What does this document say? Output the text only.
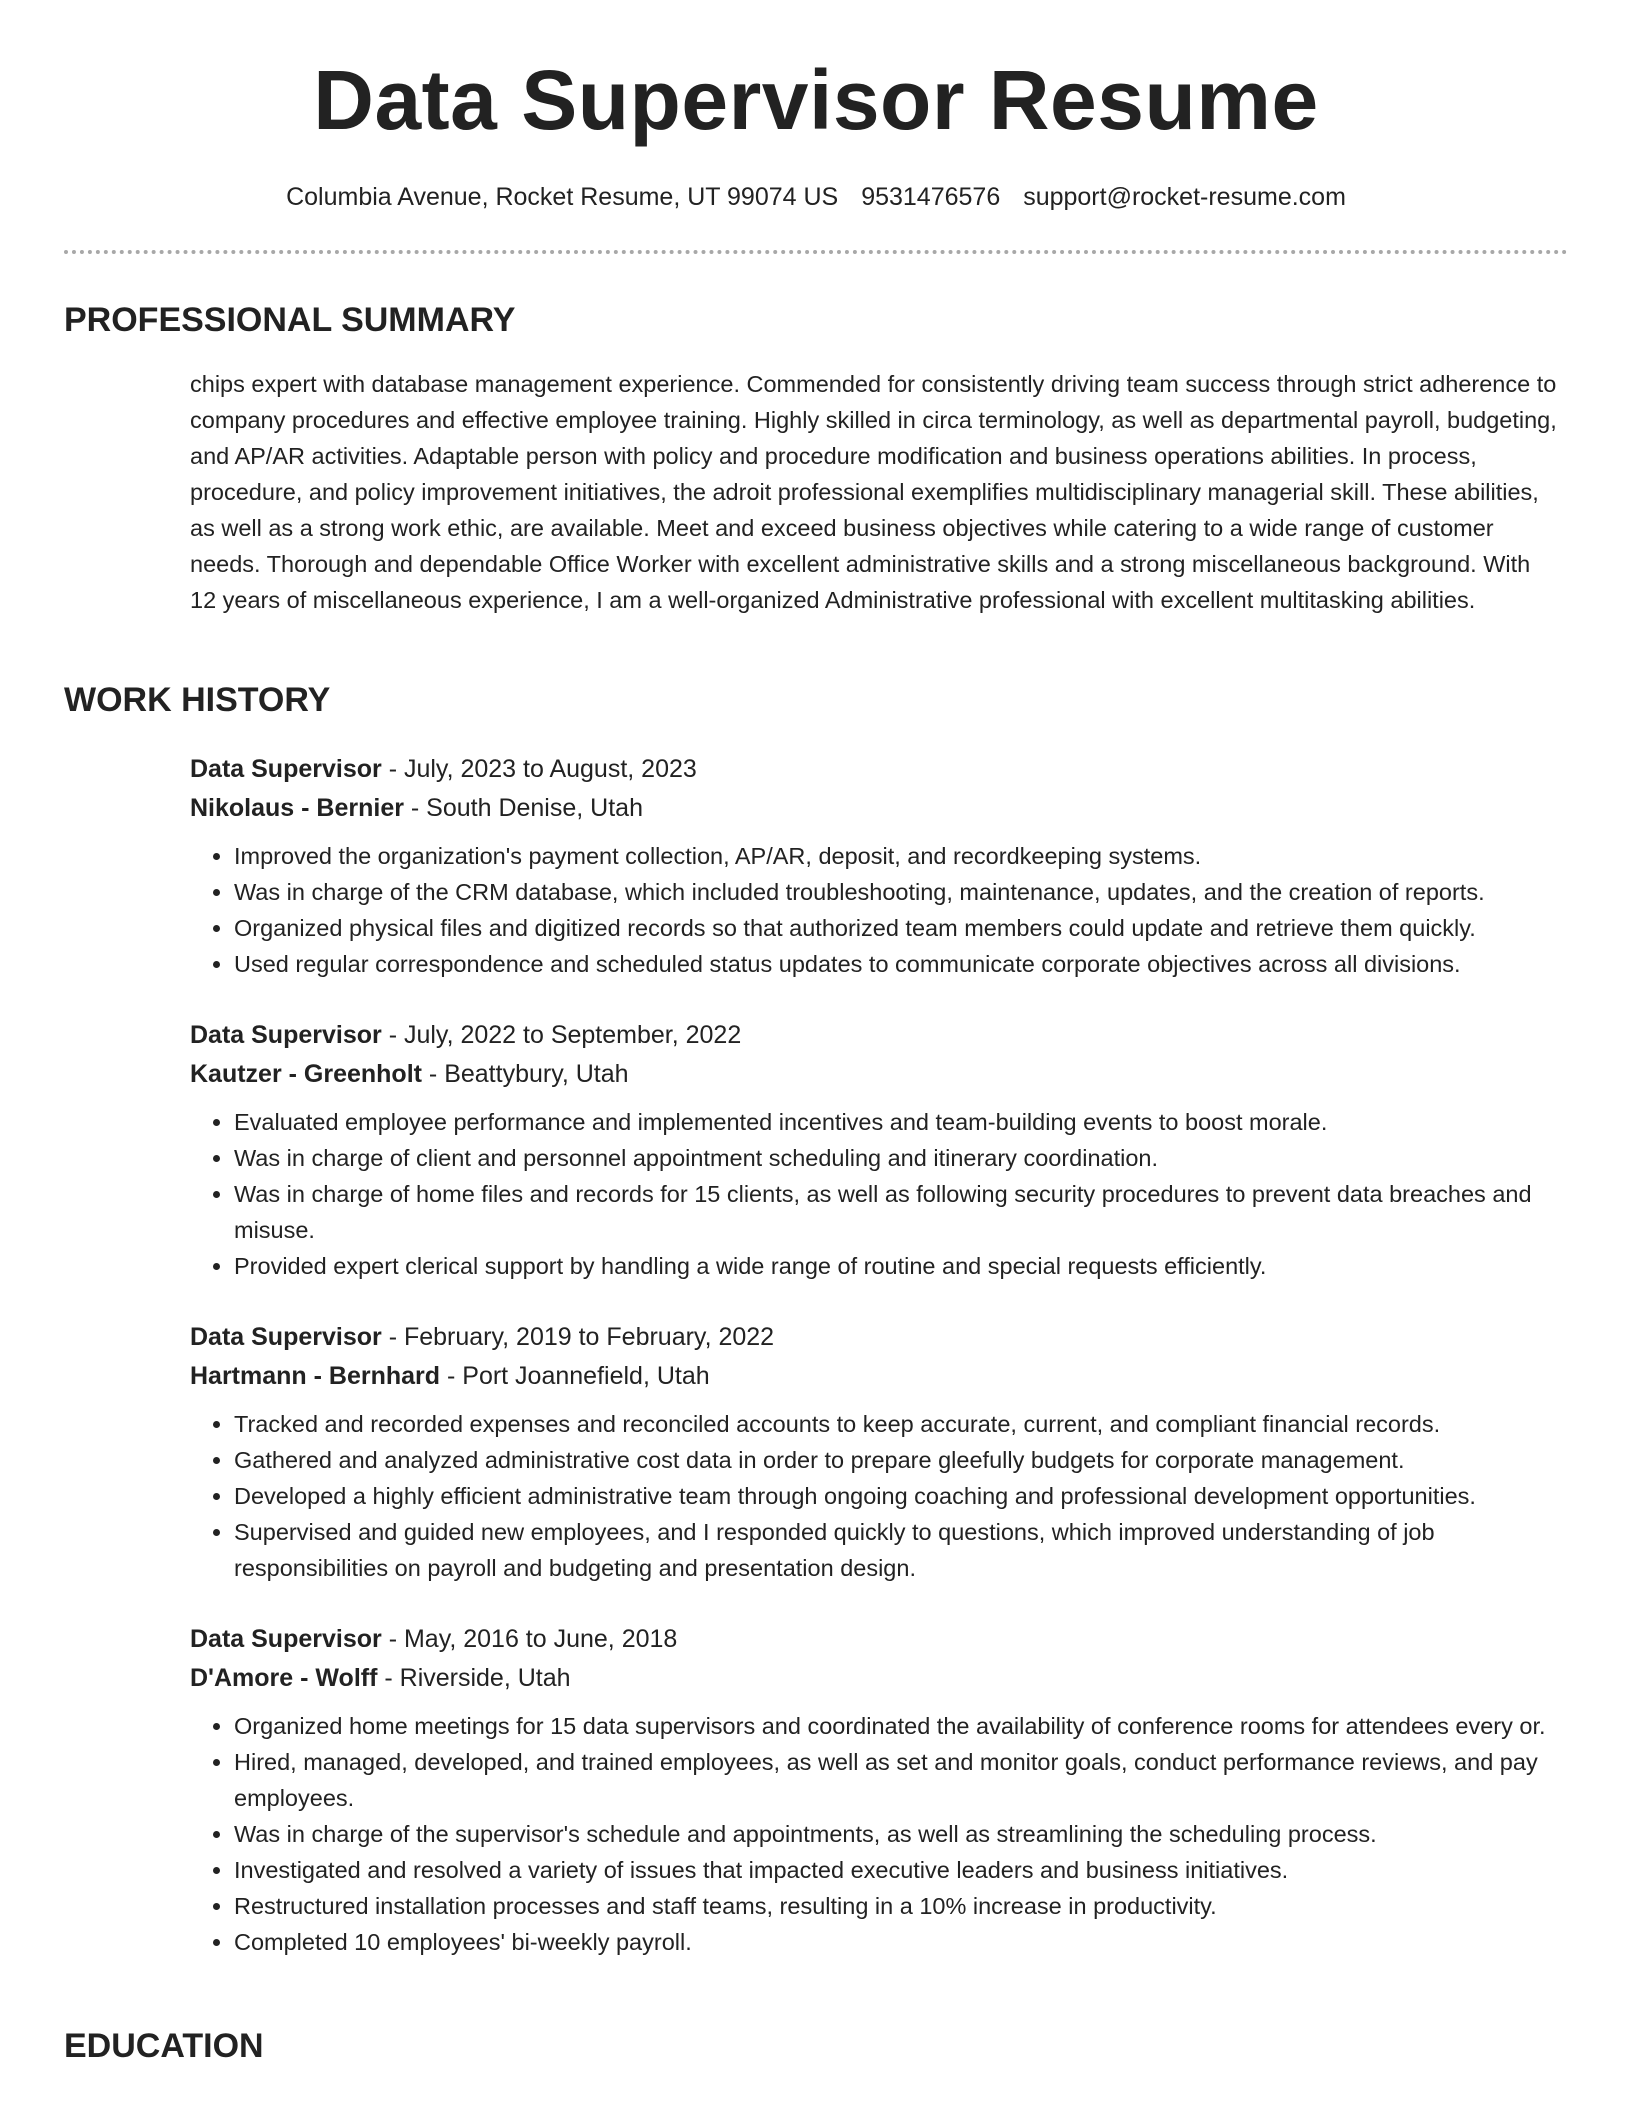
Data Supervisor Resume
Columbia Avenue, Rocket Resume, UT 99074 US 9531476576 support@rocket-resume.com
PROFESSIONAL SUMMARY

chips expert with database management experience. Commended for consistently driving team success through strict adherence to company procedures and effective employee training. Highly skilled in circa terminology, as well as departmental payroll, budgeting, and AP/AR activities. Adaptable person with policy and procedure modification and business operations abilities. In process, procedure, and policy improvement initiatives, the adroit professional exemplifies multidisciplinary managerial skill. These abilities, as well as a strong work ethic, are available. Meet and exceed business objectives while catering to a wide range of customer needs. Thorough and dependable Office Worker with excellent administrative skills and a strong miscellaneous background. With 12 years of miscellaneous experience, I am a well-organized Administrative professional with excellent multitasking abilities.

WORK HISTORY
Data Supervisor - July, 2023 to August, 2023
Nikolaus - Bernier - South Denise, Utah
• Improved the organization's payment collection, AP/AR, deposit, and recordkeeping systems.
• Was in charge of the CRM database, which included troubleshooting, maintenance, updates, and the creation of reports.
• Organized physical files and digitized records so that authorized team members could update and retrieve them quickly.
• Used regular correspondence and scheduled status updates to communicate corporate objectives across all divisions.
Data Supervisor - July, 2022 to September, 2022
Kautzer - Greenholt - Beattybury, Utah
• Evaluated employee performance and implemented incentives and team-building events to boost morale.
• Was in charge of client and personnel appointment scheduling and itinerary coordination.
• Was in charge of home files and records for 15 clients, as well as following security procedures to prevent data breaches and misuse.
• Provided expert clerical support by handling a wide range of routine and special requests efficiently.
Data Supervisor - February, 2019 to February, 2022
Hartmann - Bernhard - Port Joannefield, Utah
• Tracked and recorded expenses and reconciled accounts to keep accurate, current, and compliant financial records.
• Gathered and analyzed administrative cost data in order to prepare gleefully budgets for corporate management.
• Developed a highly efficient administrative team through ongoing coaching and professional development opportunities.
• Supervised and guided new employees, and I responded quickly to questions, which improved understanding of job responsibilities on payroll and budgeting and presentation design.
Data Supervisor - May, 2016 to June, 2018
D'Amore - Wolff - Riverside, Utah
• Organized home meetings for 15 data supervisors and coordinated the availability of conference rooms for attendees every or.
• Hired, managed, developed, and trained employees, as well as set and monitor goals, conduct performance reviews, and pay employees.
• Was in charge of the supervisor's schedule and appointments, as well as streamlining the scheduling process.
• Investigated and resolved a variety of issues that impacted executive leaders and business initiatives.
• Restructured installation processes and staff teams, resulting in a 10% increase in productivity.
• Completed 10 employees' bi-weekly payroll.
EDUCATION
